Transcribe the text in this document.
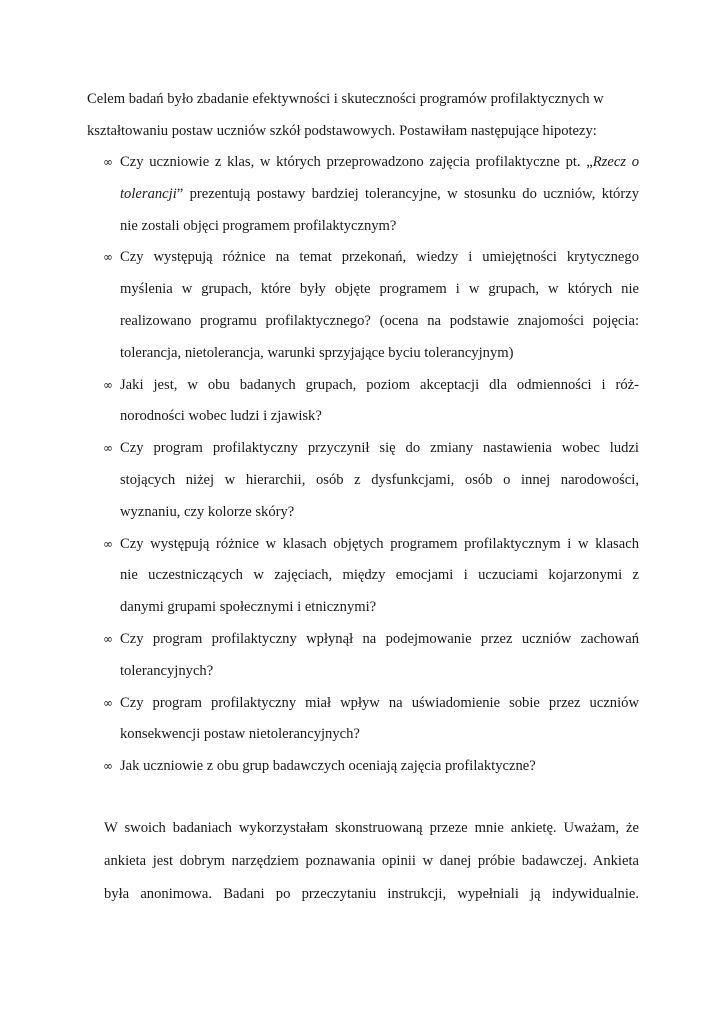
Celem badań było zbadanie efektywności i skuteczności programów profilaktycznych w
kształtowaniu postaw uczniów szkół podstawowych. Postawiłam następujące hipotezy:

∞ Czy uczniowie z klas, w których przeprowadzono zajęcia profilaktyczne pt. „Rzecz o
tolerancji” prezentują postawy bardziej tolerancyjne, w stosunku do uczniów, którzy
nie zostali objęci programem profilaktycznym?
∞ Czy występują różnice na temat przekonań, wiedzy i umiejętności krytycznego
myślenia w grupach, które były objęte programem i w grupach, w których nie
realizowano programu profilaktycznego? (ocena na podstawie znajomości pojęcia:
tolerancja, nietolerancja, warunki sprzyjające byciu tolerancyjnym)
∞ Jaki jest, w obu badanych grupach, poziom akceptacji dla odmienności i róż-
norodności wobec ludzi i zjawisk?
∞ Czy program profilaktyczny przyczynił się do zmiany nastawienia wobec ludzi
stojących niżej w hierarchii, osób z dysfunkcjami, osób o innej narodowości,
wyznaniu, czy kolorze skóry?
∞ Czy występują różnice w klasach objętych programem profilaktycznym i w klasach
nie uczestniczących w zajęciach, między emocjami i uczuciami kojarzonymi z
danymi grupami społecznymi i etnicznymi?
∞ Czy program profilaktyczny wpłynął na podejmowanie przez uczniów zachowań
tolerancyjnych?
∞ Czy program profilaktyczny miał wpływ na uświadomienie sobie przez uczniów
konsekwencji postaw nietolerancyjnych?
∞ Jak uczniowie z obu grup badawczych oceniają zajęcia profilaktyczne?

W swoich badaniach wykorzystałam skonstruowaną przeze mnie ankietę. Uważam, że
ankieta jest dobrym narzędziem poznawania opinii w danej próbie badawczej. Ankieta
była anonimowa. Badani po przeczytaniu instrukcji, wypełniali ją indywidualnie.
